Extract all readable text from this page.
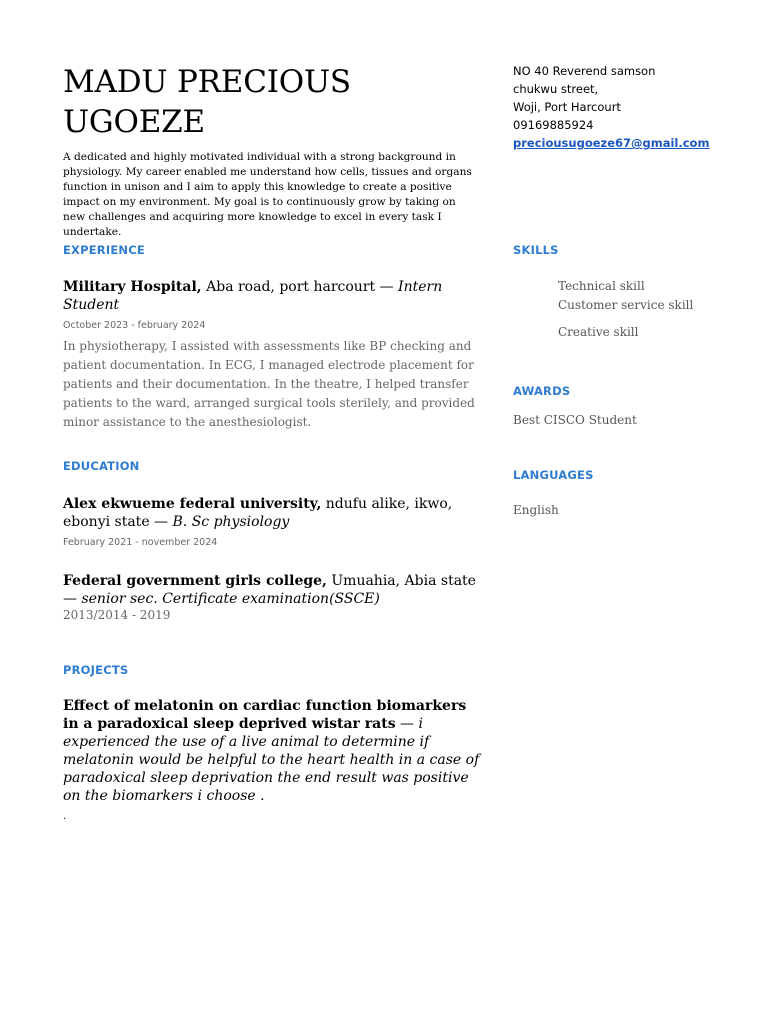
MADU PRECIOUS UGOEZE
A dedicated and highly motivated individual with a strong background in physiology. My career enabled me understand how cells, tissues and organs function in unison and I aim to apply this knowledge to create a positive impact on my environment. My goal is to continuously grow by taking on new challenges and acquiring more knowledge to excel in every task I undertake.
EXPERIENCE
Military Hospital, Aba road, port harcourt — Intern Student
October 2023 - february 2024
In physiotherapy, I assisted with assessments like BP checking and patient documentation. In ECG, I managed electrode placement for patients and their documentation. In the theatre, I helped transfer patients to the ward, arranged surgical tools sterilely, and provided minor assistance to the anesthesiologist.
EDUCATION
Alex ekwueme federal university, ndufu alike, ikwo, ebonyi state — B. Sc physiology
February 2021 - november 2024
Federal government girls college, Umuahia, Abia state — senior sec. Certificate examination(SSCE)
2013/2014 - 2019
PROJECTS
Effect of melatonin on cardiac function biomarkers in a paradoxical sleep deprived wistar rats — i experienced the use of a live animal to determine if melatonin would be helpful to the heart health in a case of paradoxical sleep deprivation the end result was positive on the biomarkers i choose .
.
NO 40 Reverend samson
chukwu street,
Woji, Port Harcourt
09169885924
preciousugoeze67@gmail.com
SKILLS
Technical skill
Customer service skill
Creative skill
AWARDS
Best CISCO Student
LANGUAGES
English
